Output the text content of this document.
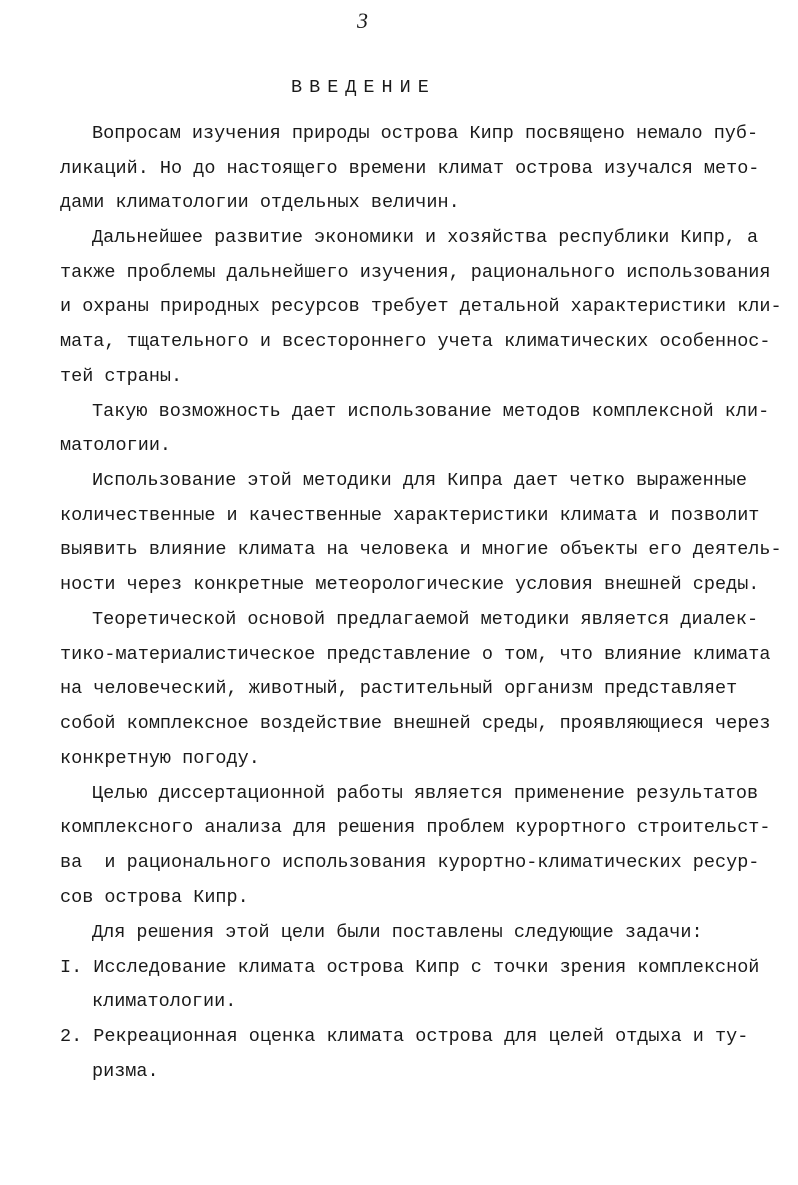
3
ВВЕДЕНИЕ
Вопросам изучения природы острова Кипр посвящено немало пуб-
ликаций. Но до настоящего времени климат острова изучался мето-
дами климатологии отдельных величин.
Дальнейшее развитие экономики и хозяйства республики Кипр, а
также проблемы дальнейшего изучения, рационального использования
и охраны природных ресурсов требует детальной характеристики кли-
мата, тщательного и всестороннего учета климатических особеннос-
тей страны.
Такую возможность дает использование методов комплексной кли-
матологии.
Использование этой методики для Кипра дает четко выраженные
количественные и качественные характеристики климата и позволит
выявить влияние климата на человека и многие объекты его деятель-
ности через конкретные метеорологические условия внешней среды.
Теоретической основой предлагаемой методики является диалек-
тико-материалистическое представление о том, что влияние климата
на человеческий, животный, растительный организм представляет
собой комплексное воздействие внешней среды, проявляющиеся через
конкретную погоду.
Целью диссертационной работы является применение результатов
комплексного анализа для решения проблем курортного строительст-
ва  и рационального использования курортно-климатических ресур-
сов острова Кипр.
Для решения этой цели были поставлены следующие задачи:
I. Исследование климата острова Кипр с точки зрения комплексной
климатологии.
2. Рекреационная оценка климата острова для целей отдыха и ту-
ризма.
